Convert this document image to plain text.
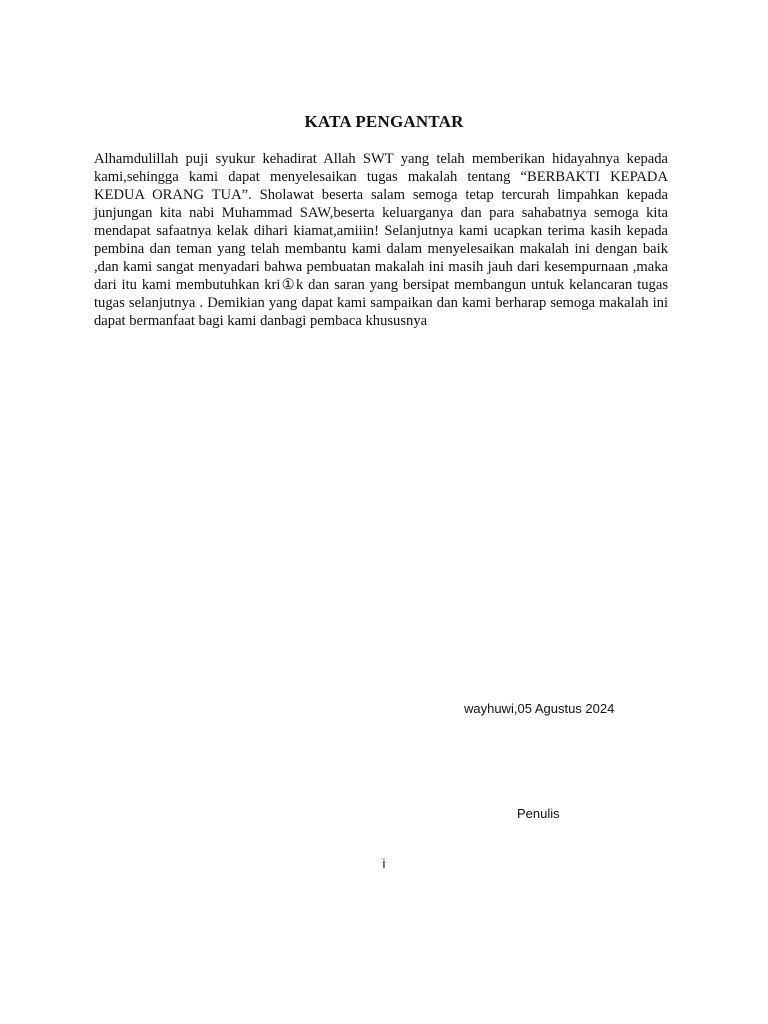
KATA PENGANTAR

Alhamdulillah puji syukur kehadirat Allah SWT yang telah memberikan hidayahnya kepada kami,sehingga kami dapat menyelesaikan tugas makalah tentang “BERBAKTI KEPADA KEDUA ORANG TUA”. Sholawat beserta salam semoga tetap tercurah limpahkan kepada junjungan kita nabi Muhammad SAW,beserta keluarganya dan para sahabatnya semoga kita mendapat safaatnya kelak dihari kiamat,amiiin! Selanjutnya kami ucapkan terima kasih kepada pembina dan teman yang telah membantu kami dalam menyelesaikan makalah ini dengan baik ,dan kami sangat menyadari bahwa pembuatan makalah ini masih jauh dari kesempurnaan ,maka dari itu kami membutuhkan kri①k dan saran yang bersipat membangun untuk kelancaran tugas tugas selanjutnya . Demikian yang dapat kami sampaikan dan kami berharap semoga makalah ini dapat bermanfaat bagi kami danbagi pembaca khususnya

wayhuwi,05 Agustus 2024

Penulis

i
